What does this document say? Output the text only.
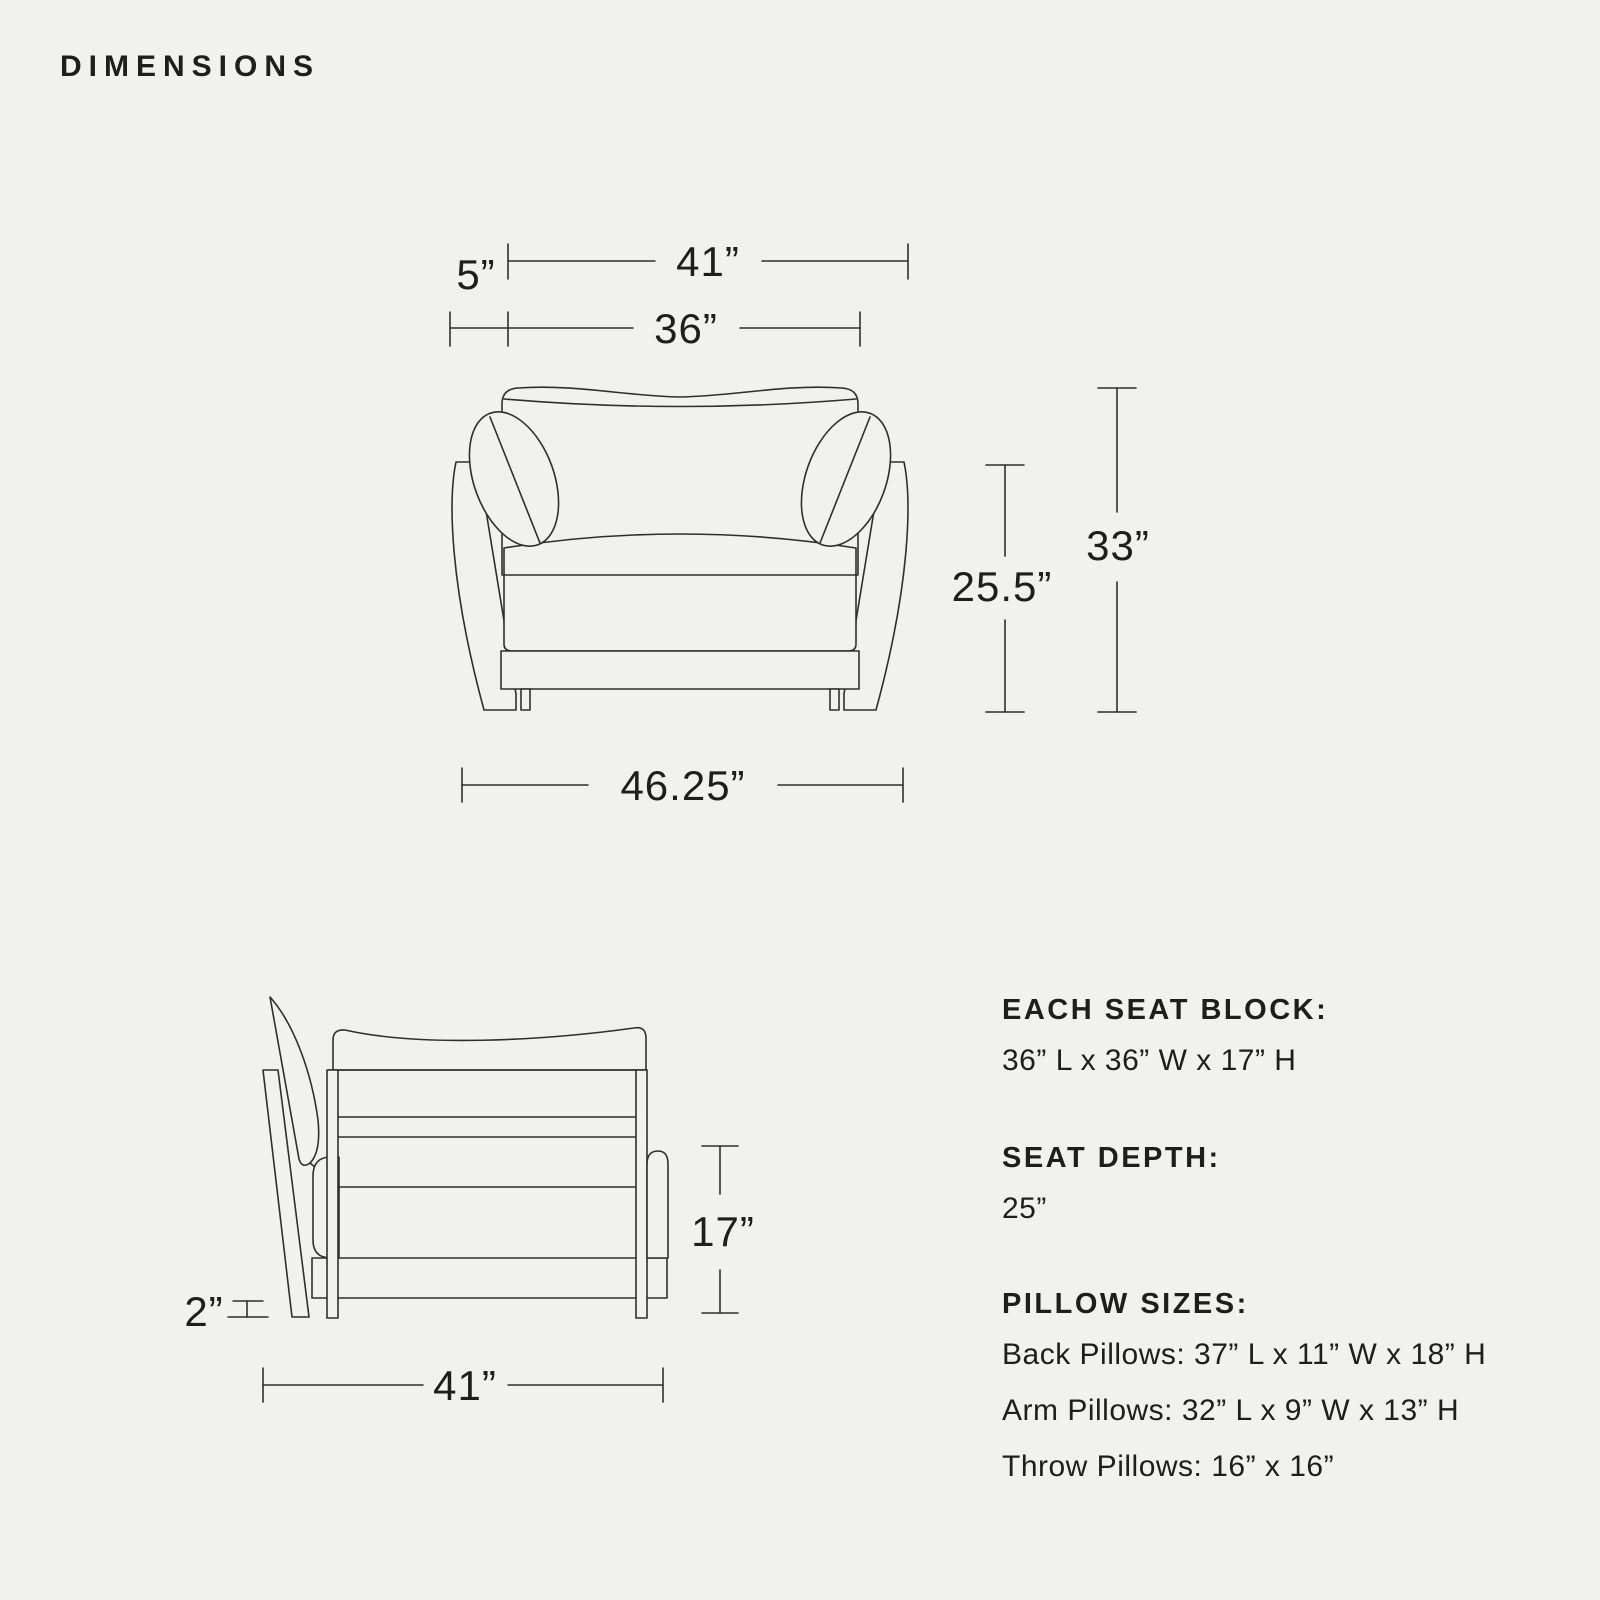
DIMENSIONS
41”
5”
36”
25.5”
33”
46.25”
2”
17”
41”
EACH SEAT BLOCK:
36” L x 36” W x 17” H
SEAT DEPTH:
25”
PILLOW SIZES:
Back Pillows: 37” L x 11” W x 18” H
Arm Pillows: 32” L x 9” W x 13” H
Throw Pillows: 16” x 16”
